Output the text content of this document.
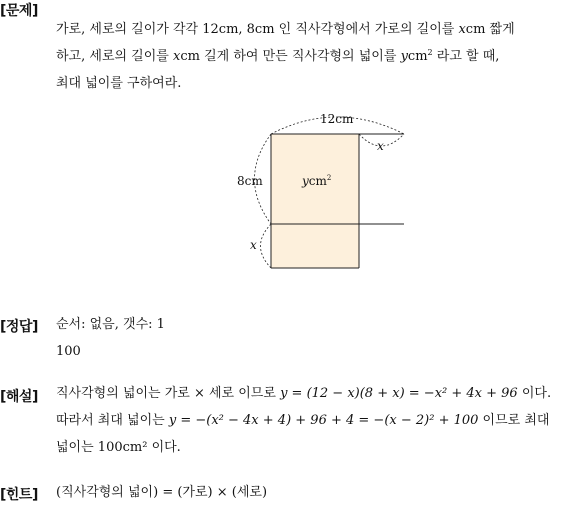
[문제]
가로, 세로의 길이가 각각 12cm, 8cm 인 직사각형에서 가로의 길이를 xcm 짧게
하고, 세로의 길이를 xcm 길게 하여 만든 직사각형의 넓이를 ycm$^2$ 라고 할 때,
최대 넓이를 구하여라.
12cm
x
8cm
x
ycm$^2$
[정답] 순서: 없음, 갯수: 1
100
[해설] 직사각형의 넓이는 가로 × 세로 이므로 y = (12 − x)(8 + x) = −x² + 4x + 96 이다.
따라서 최대 넓이는 y = −(x² − 4x + 4) + 96 + 4 = −(x − 2)² + 100 이므로 최대
넓이는 100cm² 이다.
[힌트] (직사각형의 넓이) = (가로) × (세로)
